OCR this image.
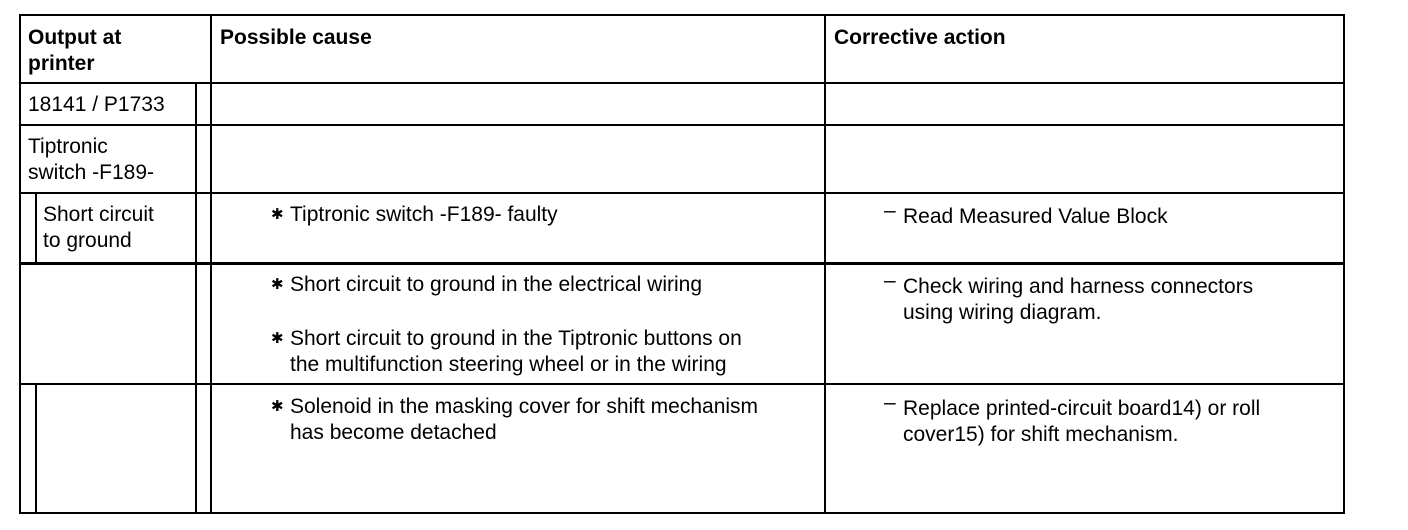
Output at
printer
Possible cause	Corrective action
18141 / P1733
Tiptronic
switch -F189-
Short circuit
to ground
✱ Tiptronic switch -F189- faulty
✱ Short circuit to ground in the electrical wiring
✱ Short circuit to ground in the Tiptronic buttons on
the multifunction steering wheel or in the wiring
✱ Solenoid in the masking cover for shift mechanism
has become detached
– Read Measured Value Block
– Check wiring and harness connectors
using wiring diagram.
– Replace printed-circuit board14) or roll
cover15) for shift mechanism.
